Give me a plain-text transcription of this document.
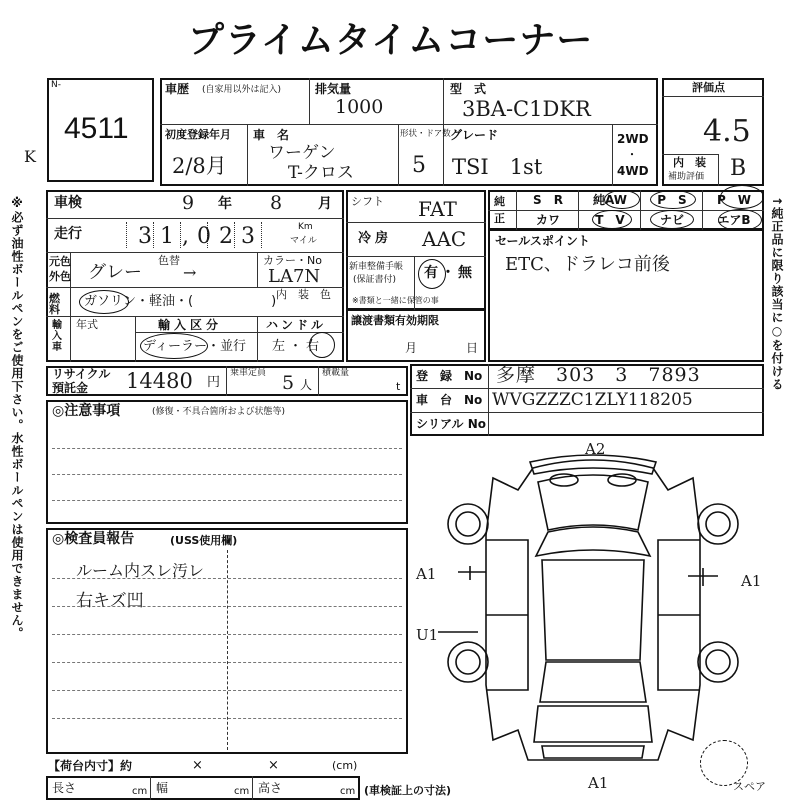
プライムタイムコーナー
N-
4511
K
車歴 (自家用以外は記入)	排気量
1000
型　式
3BA-C1DKR
初度登録年月
2/8月
車　名
ワーゲン
T-クロス
形状・ドア数
5
グレード
TSI　1st
2WD
・
4WD
評価点
4.5
内　装
補助評価 B
車検	9 年 8	月
走行	31,023	Km
マイル
元色
外色
色替
グレー	→
カラー・No
LA7N
内　装　色
燃料
ガソリン・軽油・(　　　　　　)
輸入車
年式	輸入区分
ディーラー・並行
ハンドル
左・右
シフト FAT
冷房 AAC
新車整備手帳
(保証書付) 有・無
※書類と一緒に保管の事
譲渡書類有効期限
月	日
純正
S　R	純AW	P　S	P　W
カワ	T　V	ナビ	エアB
セールスポイント
ETC、ドラレコ前後
リサイクル
預託金 14480 円
乗車定員 5 人
積載量
t
登　録　No 多摩　303　3　7893
車　台　No WVGZZZC1ZLY118205
シリアル No
◎注意事項	(修復・不具合箇所および状態等)
◎検査員報告	(USS使用欄)
ルーム内スレ汚レ
右キズ凹
スペア
A2
A1
U1
A1
A1
【荷台内寸】約	×	×	(cm)
長さ	cm 幅	cm 高さ	cm (車検証上の寸法)
※必ず油性ボールペンをご使用下さい。水性ボールペンは使用できません。	↑純正品に限り該当に○を付ける
